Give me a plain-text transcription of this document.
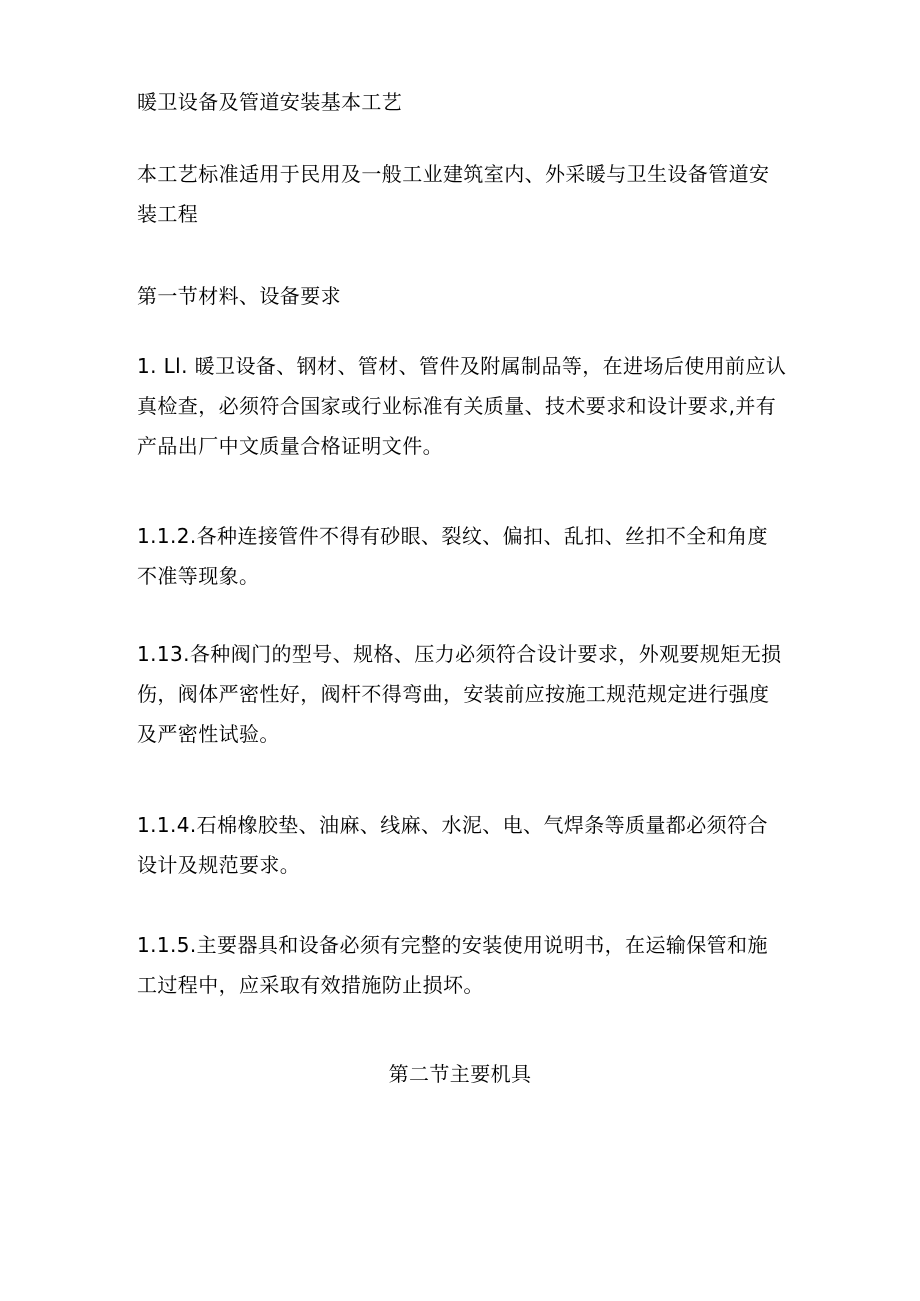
暖卫设备及管道安装基本工艺

本工艺标准适用于民用及一般工业建筑室内、外采暖与卫生设备管道安装工程

第一节材料、设备要求

1. Ll. 暖卫设备、钢材、管材、管件及附属制品等，在进场后使用前应认真检查，必须符合国家或行业标准有关质量、技术要求和设计要求,并有产品出厂中文质量合格证明文件。

1.1.2.各种连接管件不得有砂眼、裂纹、偏扣、乱扣、丝扣不全和角度不准等现象。

1.13.各种阀门的型号、规格、压力必须符合设计要求，外观要规矩无损伤，阀体严密性好，阀杆不得弯曲，安装前应按施工规范规定进行强度及严密性试验。

1.1.4.石棉橡胶垫、油麻、线麻、水泥、电、气焊条等质量都必须符合设计及规范要求。

1.1.5.主要器具和设备必须有完整的安装使用说明书，在运输保管和施工过程中，应采取有效措施防止损坏。

第二节主要机具
